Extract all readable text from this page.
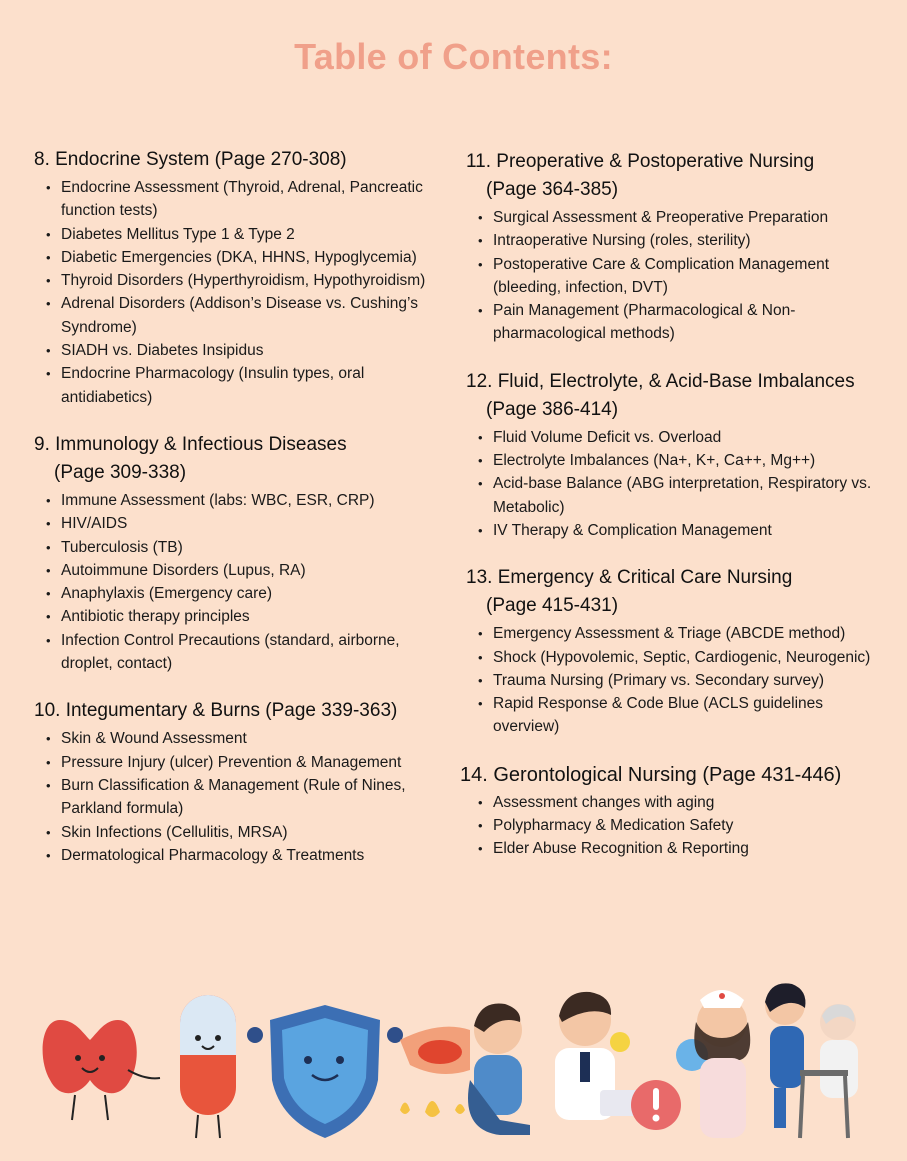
Table of Contents:
8. Endocrine System (Page 270-308)
• Endocrine Assessment (Thyroid, Adrenal, Pancreatic function tests)
• Diabetes Mellitus Type 1 & Type 2
• Diabetic Emergencies (DKA, HHNS, Hypoglycemia)
• Thyroid Disorders (Hyperthyroidism, Hypothyroidism)
• Adrenal Disorders (Addison’s Disease vs. Cushing’s Syndrome)
• SIADH vs. Diabetes Insipidus
• Endocrine Pharmacology (Insulin types, oral antidiabetics)
9. Immunology & Infectious Diseases
(Page 309-338)
• Immune Assessment (labs: WBC, ESR, CRP)
• HIV/AIDS
• Tuberculosis (TB)
• Autoimmune Disorders (Lupus, RA)
• Anaphylaxis (Emergency care)
• Antibiotic therapy principles
• Infection Control Precautions (standard, airborne, droplet, contact)
10. Integumentary & Burns (Page 339-363)
• Skin & Wound Assessment
• Pressure Injury (ulcer) Prevention & Management
• Burn Classification & Management (Rule of Nines, Parkland formula)
• Skin Infections (Cellulitis, MRSA)
• Dermatological Pharmacology & Treatments
11. Preoperative & Postoperative Nursing
(Page 364-385)
• Surgical Assessment & Preoperative Preparation
• Intraoperative Nursing (roles, sterility)
• Postoperative Care & Complication Management (bleeding, infection, DVT)
• Pain Management (Pharmacological & Non-pharmacological methods)
12. Fluid, Electrolyte, & Acid-Base Imbalances
(Page 386-414)
• Fluid Volume Deficit vs. Overload
• Electrolyte Imbalances (Na+, K+, Ca++, Mg++)
• Acid-base Balance (ABG interpretation, Respiratory vs. Metabolic)
• IV Therapy & Complication Management
13. Emergency & Critical Care Nursing
(Page 415-431)
• Emergency Assessment & Triage (ABCDE method)
• Shock (Hypovolemic, Septic, Cardiogenic, Neurogenic)
• Trauma Nursing (Primary vs. Secondary survey)
• Rapid Response & Code Blue (ACLS guidelines overview)
14. Gerontological Nursing (Page 431-446)
• Assessment changes with aging
• Polypharmacy & Medication Safety
• Elder Abuse Recognition & Reporting
